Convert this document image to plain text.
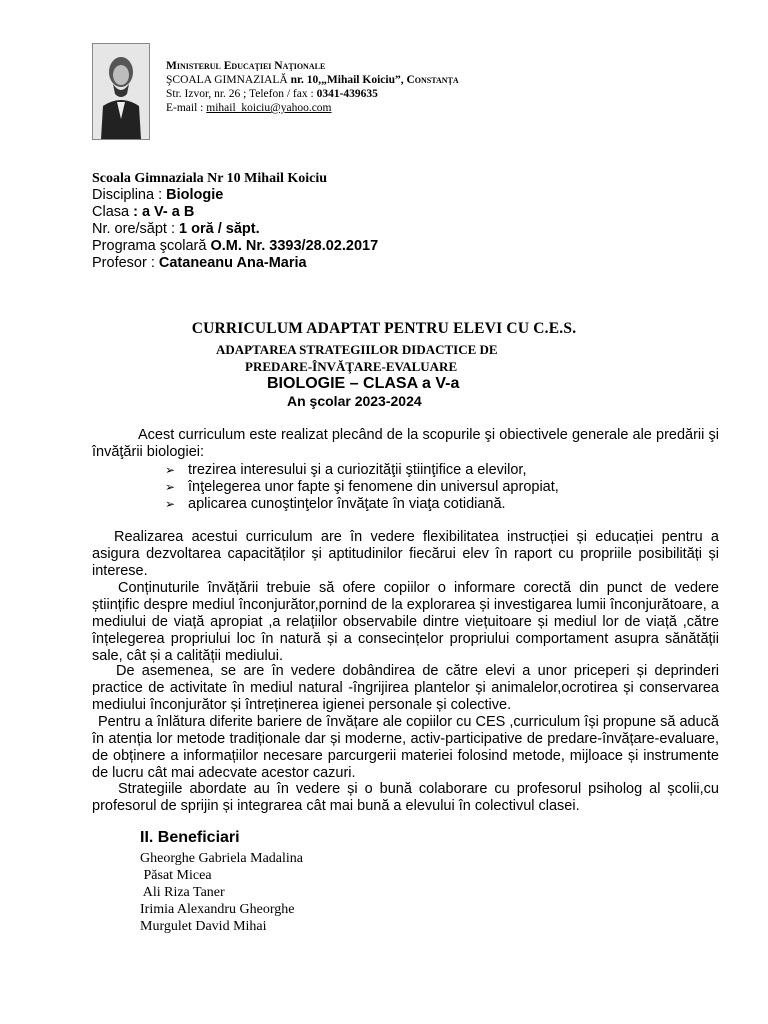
Ministerul Educaţiei Naţionale
ŞCOALA GIMNAZIALĂ nr. 10,„Mihail Koiciu”, Constanţa
Str. Izvor, nr. 26 ; Telefon / fax : 0341-439635
E-mail : mihail_koiciu@yahoo.com
Scoala Gimnaziala Nr 10 Mihail Koiciu
Disciplina : Biologie
Clasa : a V- a B
Nr. ore/săpt : 1 oră / săpt.
Programa şcolară O.M. Nr. 3393/28.02.2017
Profesor : Cataneanu Ana-Maria
CURRICULUM ADAPTAT PENTRU ELEVI CU C.E.S.
ADAPTAREA STRATEGIILOR DIDACTICE DE
PREDARE-ÎNVĂŢARE-EVALUARE
BIOLOGIE – CLASA a V-a
An şcolar 2023-2024
Acest curriculum este realizat plecând de la scopurile şi obiectivele generale ale predării şi învăţării biologiei:
➢ trezirea interesului şi a curiozităţii ştiinţifice a elevilor,
➢ înţelegerea unor fapte şi fenomene din universul apropiat,
➢ aplicarea cunoştinţelor învăţate în viaţa cotidiană.
Realizarea acestui curriculum are în vedere flexibilitatea instrucției și educației pentru a asigura dezvoltarea capacităților și aptitudinilor fiecărui elev în raport cu propriile posibilități și interese.
Conținuturile învățării trebuie să ofere copiilor o informare corectă din punct de vedere științific despre mediul înconjurător,pornind de la explorarea și investigarea lumii înconjurătoare, a mediului de viață apropiat ,a relațiilor observabile dintre viețuitoare și mediul lor de viață ,către înțelegerea propriului loc în natură și a consecințelor propriului comportament asupra sănătății sale, cât și a calității mediului.
De asemenea, se are în vedere dobândirea de către elevi a unor priceperi și deprinderi practice de activitate în mediul natural -îngrijirea plantelor și animalelor,ocrotirea și conservarea mediului înconjurător și întreținerea igienei personale și colective.
Pentru a înlătura diferite bariere de învățare ale copiilor cu CES ,curriculum își propune să aducă în atenția lor metode tradiționale dar și moderne, activ-participative de predare-învățare-evaluare, de obținere a informațiilor necesare parcurgerii materiei folosind metode, mijloace și instrumente de lucru cât mai adecvate acestor cazuri.
Strategiile abordate au în vedere și o bună colaborare cu profesorul psiholog al școlii,cu profesorul de sprijin și integrarea cât mai bună a elevului în colectivul clasei.
II. Beneficiari
Gheorghe Gabriela Madalina
Păsat Micea
Ali Riza Taner
Irimia Alexandru Gheorghe
Murgulet David Mihai
